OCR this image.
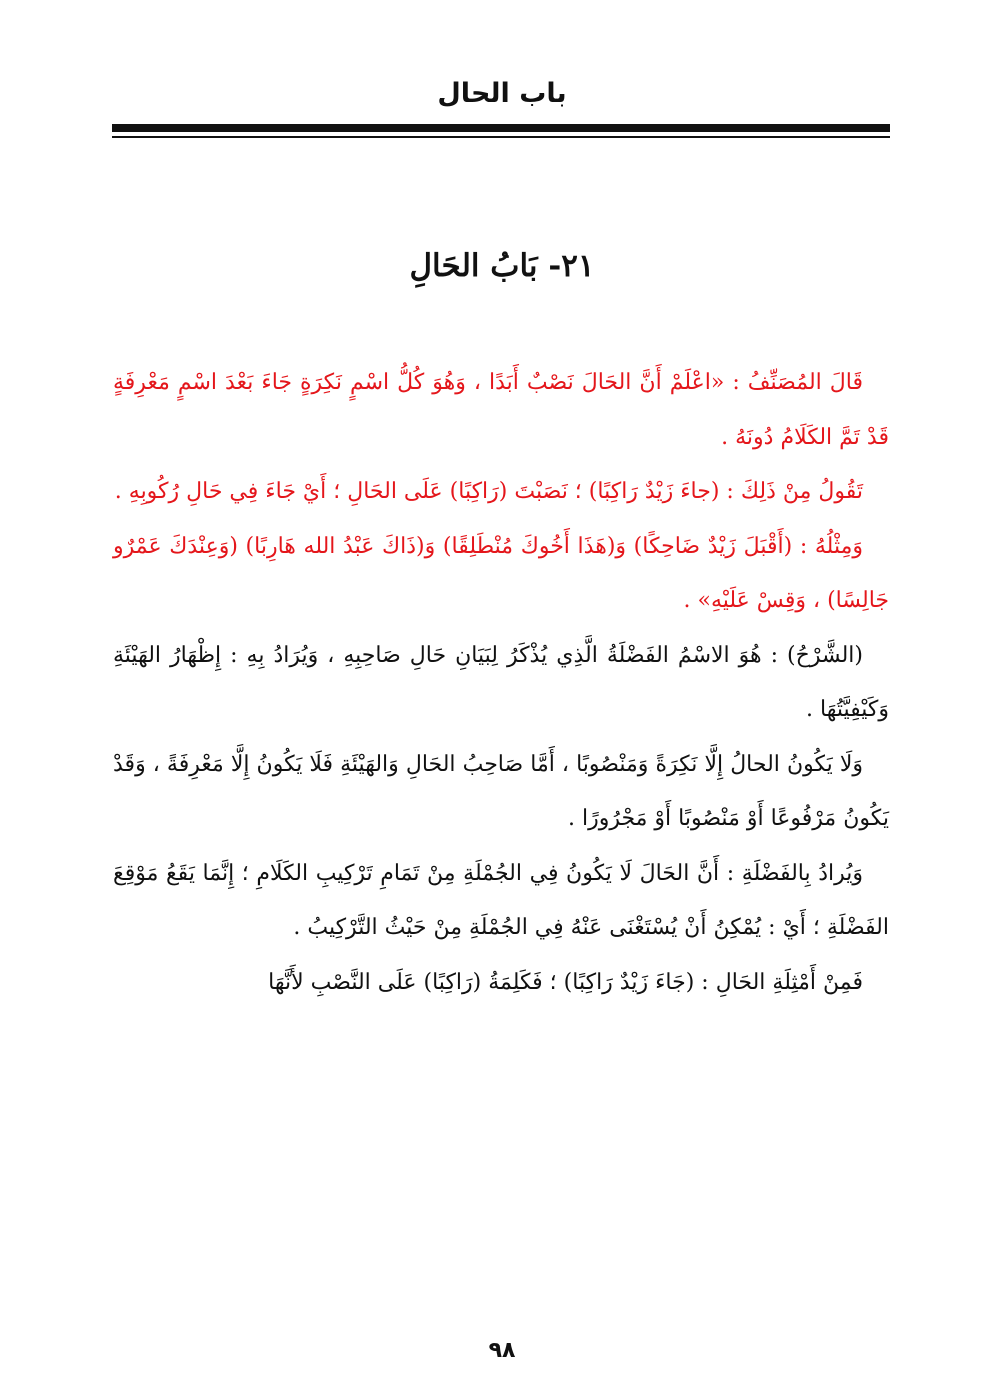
باب الحال
٢١- بَابُ الحَالِ

قَالَ المُصَنِّفُ : «اعْلَمْ أَنَّ الحَالَ نَصْبٌ أَبَدًا ، وَهُوَ كُلُّ اسْمٍ نَكِرَةٍ جَاءَ بَعْدَ اسْمٍ مَعْرِفَةٍ قَدْ تَمَّ الكَلَامُ دُونَهُ .

تَقُولُ مِنْ ذَلِكَ : (جاءَ زَيْدٌ رَاكِبًا) ؛ نَصَبْتَ (رَاكِبًا) عَلَى الحَالِ ؛ أَيْ جَاءَ فِي حَالِ رُكُوبِهِ .

وَمِثْلُهُ : (أَقْبَلَ زَيْدٌ ضَاحِكًا) وَ(هَذَا أَخُوكَ مُنْطَلِقًا) وَ(ذَاكَ عَبْدُ الله هَارِبًا) (وَعِنْدَكَ عَمْرٌو جَالِسًا) ، وَقِسْ عَلَيْهِ» .

(الشَّرْحُ) : هُوَ الاسْمُ الفَضْلَةُ الَّذِي يُذْكَرُ لِبَيَانِ حَالِ صَاحِبِهِ ، وَيُرَادُ بِهِ : إِظْهَارُ الهَيْئَةِ وَكَيْفِيَّتُهَا .

وَلَا يَكُونُ الحالُ إِلَّا نَكِرَةً وَمَنْصُوبًا ، أَمَّا صَاحِبُ الحَالِ وَالهَيْئَةِ فَلَا يَكُونُ إِلَّا مَعْرِفَةً ، وَقَدْ يَكُونُ مَرْفُوعًا أَوْ مَنْصُوبًا أَوْ مَجْرُورًا .

وَيُرادُ بِالفَضْلَةِ : أَنَّ الحَالَ لَا يَكُونُ فِي الجُمْلَةِ مِنْ تَمَامِ تَرْكِيبِ الكَلَامِ ؛ إِنَّمَا يَقَعُ مَوْقِعَ الفَضْلَةِ ؛ أَيْ : يُمْكِنُ أَنْ يُسْتَغْنَى عَنْهُ فِي الجُمْلَةِ مِنْ حَيْثُ التَّرْكِيبُ .

فَمِنْ أَمْثِلَةِ الحَالِ : (جَاءَ زَيْدٌ رَاكِبًا) ؛ فَكَلِمَةُ (رَاكِبًا) عَلَى النَّصْبِ لأَنَّهَا

٩٨
